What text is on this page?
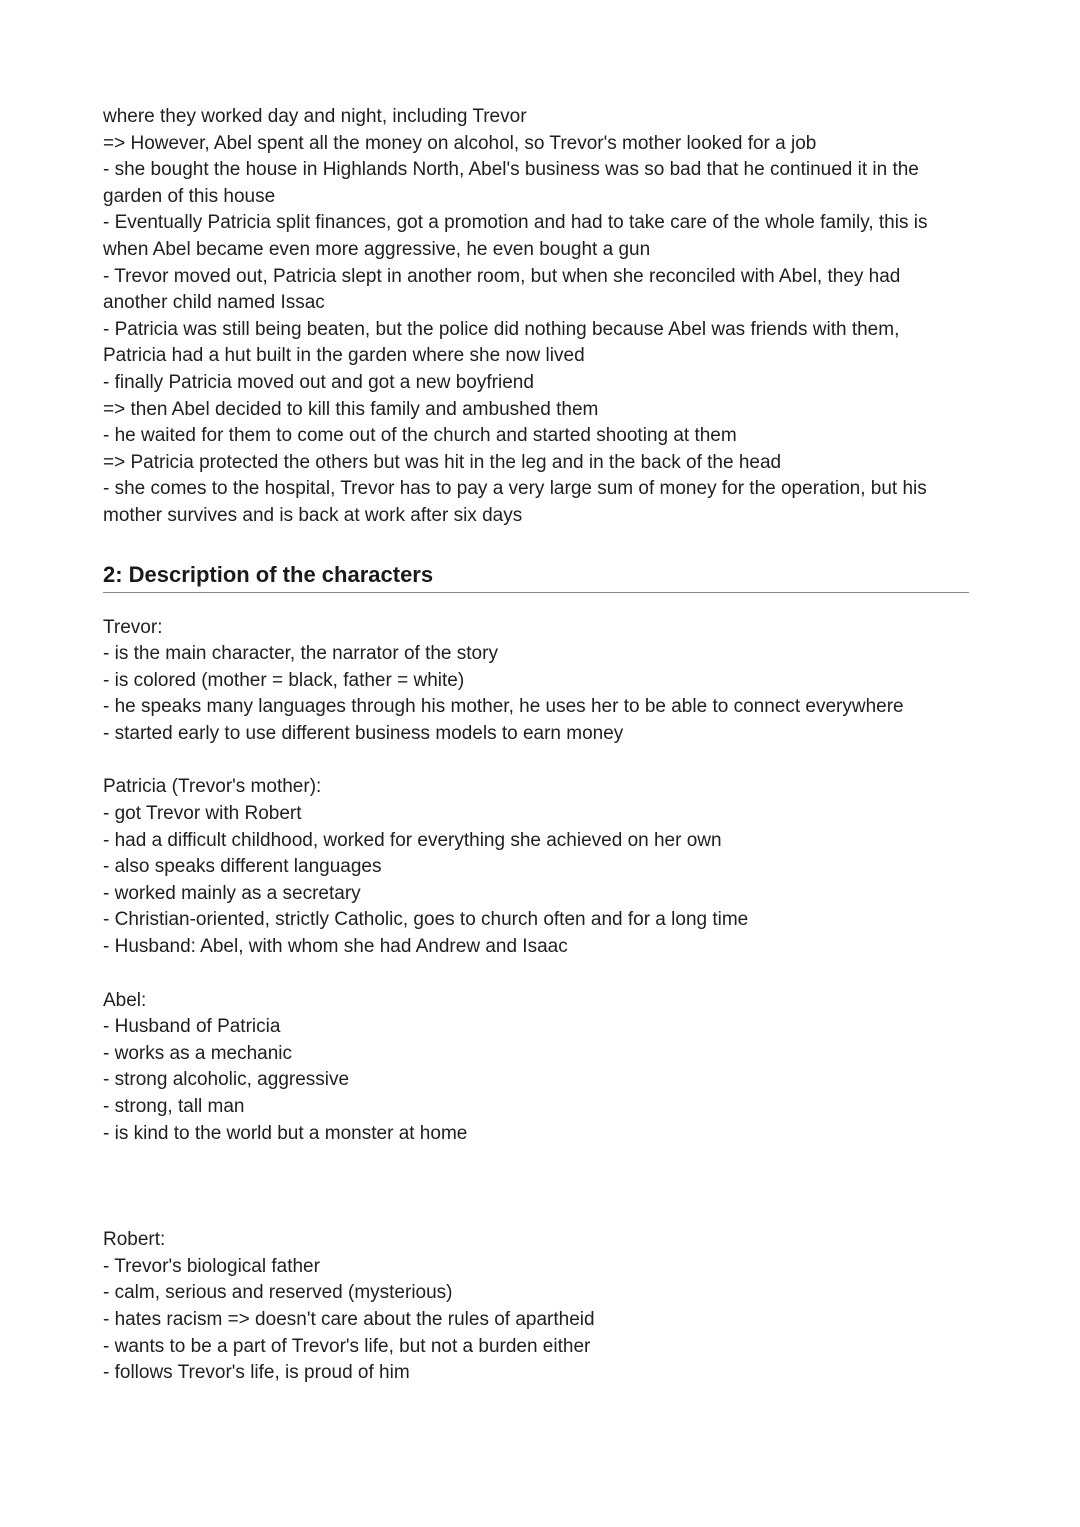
where they worked day and night, including Trevor

=> However, Abel spent all the money on alcohol, so Trevor's mother looked for a job

- she bought the house in Highlands North, Abel's business was so bad that he continued it in the

garden of this house

- Eventually Patricia split finances, got a promotion and had to take care of the whole family, this is

when Abel became even more aggressive, he even bought a gun

- Trevor moved out, Patricia slept in another room, but when she reconciled with Abel, they had

another child named Issac

- Patricia was still being beaten, but the police did nothing because Abel was friends with them,

Patricia had a hut built in the garden where she now lived

- finally Patricia moved out and got a new boyfriend

=> then Abel decided to kill this family and ambushed them

- he waited for them to come out of the church and started shooting at them

=> Patricia protected the others but was hit in the leg and in the back of the head

- she comes to the hospital, Trevor has to pay a very large sum of money for the operation, but his

mother survives and is back at work after six days

2: Description of the characters

Trevor:

- is the main character, the narrator of the story

- is colored (mother = black, father = white)

- he speaks many languages through his mother, he uses her to be able to connect everywhere

- started early to use different business models to earn money

Patricia (Trevor's mother):

- got Trevor with Robert

- had a difficult childhood, worked for everything she achieved on her own

- also speaks different languages

- worked mainly as a secretary

- Christian-oriented, strictly Catholic, goes to church often and for a long time

- Husband: Abel, with whom she had Andrew and Isaac

Abel:

- Husband of Patricia

- works as a mechanic

- strong alcoholic, aggressive

- strong, tall man

- is kind to the world but a monster at home

Robert:

- Trevor's biological father

- calm, serious and reserved (mysterious)

- hates racism => doesn't care about the rules of apartheid

- wants to be a part of Trevor's life, but not a burden either

- follows Trevor's life, is proud of him
